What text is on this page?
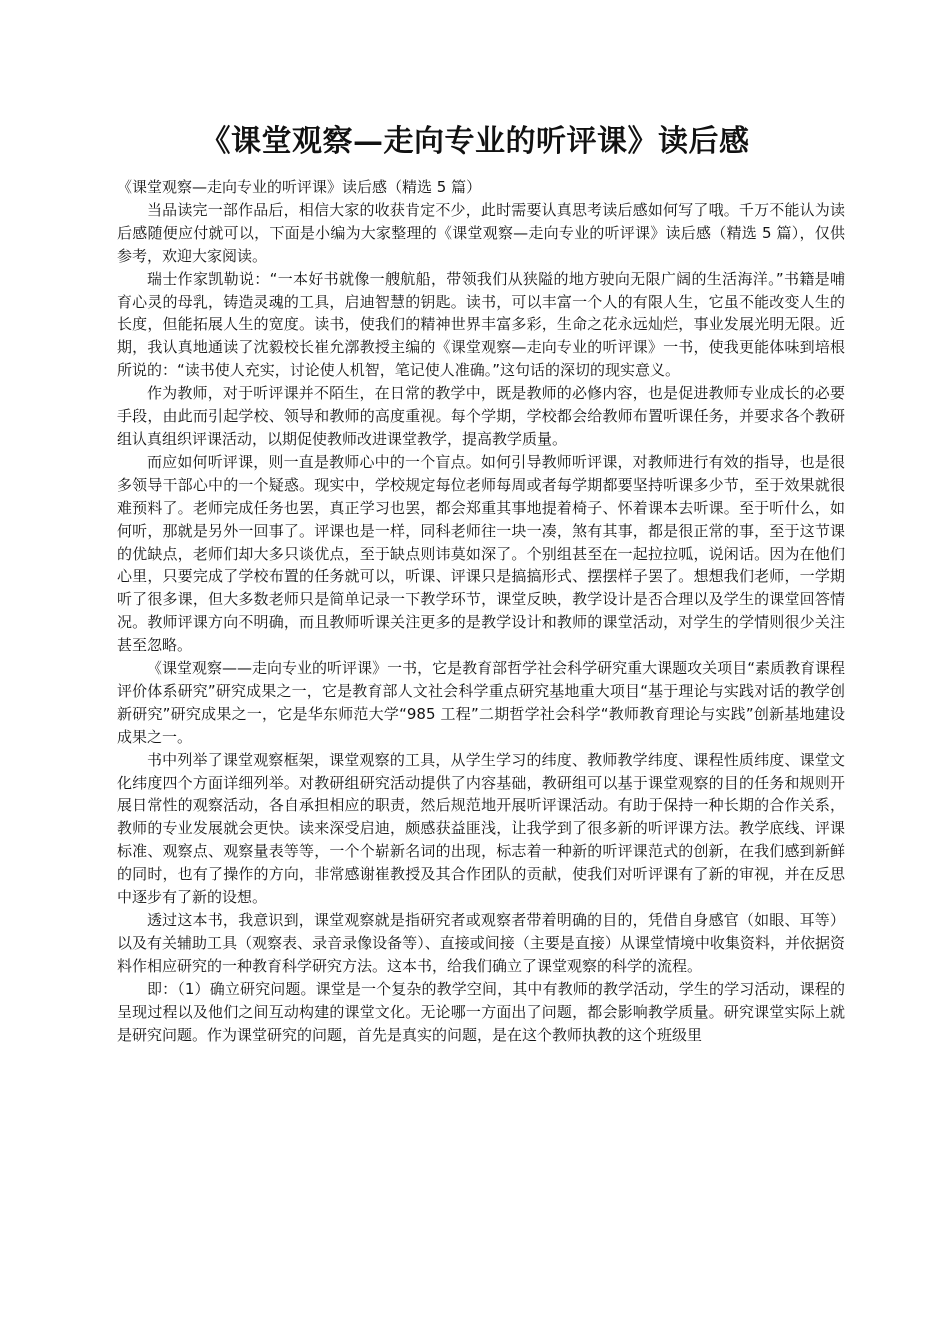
《课堂观察—走向专业的听评课》读后感

《课堂观察—走向专业的听评课》读后感（精选 5 篇）

当品读完一部作品后，相信大家的收获肯定不少，此时需要认真思考读后感如何写了哦。千万不能认为读后感随便应付就可以，下面是小编为大家整理的《课堂观察—走向专业的听评课》读后感（精选 5 篇），仅供参考，欢迎大家阅读。

瑞士作家凯勒说：“一本好书就像一艘航船，带领我们从狭隘的地方驶向无限广阔的生活海洋。”书籍是哺育心灵的母乳，铸造灵魂的工具，启迪智慧的钥匙。读书，可以丰富一个人的有限人生，它虽不能改变人生的长度，但能拓展人生的宽度。读书，使我们的精神世界丰富多彩，生命之花永远灿烂，事业发展光明无限。近期，我认真地通读了沈毅校长崔允漷教授主编的《课堂观察—走向专业的听评课》一书，使我更能体味到培根所说的：“读书使人充实，讨论使人机智，笔记使人准确。”这句话的深切的现实意义。

作为教师，对于听评课并不陌生，在日常的教学中，既是教师的必修内容，也是促进教师专业成长的必要手段，由此而引起学校、领导和教师的高度重视。每个学期，学校都会给教师布置听课任务，并要求各个教研组认真组织评课活动，以期促使教师改进课堂教学，提高教学质量。

而应如何听评课，则一直是教师心中的一个盲点。如何引导教师听评课，对教师进行有效的指导，也是很多领导干部心中的一个疑惑。现实中，学校规定每位老师每周或者每学期都要坚持听课多少节，至于效果就很难预料了。老师完成任务也罢，真正学习也罢，都会郑重其事地提着椅子、怀着课本去听课。至于听什么，如何听，那就是另外一回事了。评课也是一样，同科老师往一块一凑，煞有其事，都是很正常的事，至于这节课的优缺点，老师们却大多只谈优点，至于缺点则讳莫如深了。个别组甚至在一起拉拉呱，说闲话。因为在他们心里，只要完成了学校布置的任务就可以，听课、评课只是搞搞形式、摆摆样子罢了。想想我们老师，一学期听了很多课，但大多数老师只是简单记录一下教学环节，课堂反映，教学设计是否合理以及学生的课堂回答情况。教师评课方向不明确，而且教师听课关注更多的是教学设计和教师的课堂活动，对学生的学情则很少关注甚至忽略。

《课堂观察——走向专业的听评课》一书，它是教育部哲学社会科学研究重大课题攻关项目“素质教育课程评价体系研究”研究成果之一，它是教育部人文社会科学重点研究基地重大项目“基于理论与实践对话的教学创新研究”研究成果之一，它是华东师范大学“985 工程”二期哲学社会科学“教师教育理论与实践”创新基地建设成果之一。

书中列举了课堂观察框架，课堂观察的工具，从学生学习的纬度、教师教学纬度、课程性质纬度、课堂文化纬度四个方面详细列举。对教研组研究活动提供了内容基础，教研组可以基于课堂观察的目的任务和规则开展日常性的观察活动，各自承担相应的职责，然后规范地开展听评课活动。有助于保持一种长期的合作关系，教师的专业发展就会更快。读来深受启迪，颇感获益匪浅，让我学到了很多新的听评课方法。教学底线、评课标准、观察点、观察量表等等，一个个崭新名词的出现，标志着一种新的听评课范式的创新，在我们感到新鲜的同时，也有了操作的方向，非常感谢崔教授及其合作团队的贡献，使我们对听评课有了新的审视，并在反思中逐步有了新的设想。

透过这本书，我意识到，课堂观察就是指研究者或观察者带着明确的目的，凭借自身感官（如眼、耳等）以及有关辅助工具（观察表、录音录像设备等）、直接或间接（主要是直接）从课堂情境中收集资料，并依据资料作相应研究的一种教育科学研究方法。这本书，给我们确立了课堂观察的科学的流程。

即：（1）确立研究问题。课堂是一个复杂的教学空间，其中有教师的教学活动，学生的学习活动，课程的呈现过程以及他们之间互动构建的课堂文化。无论哪一方面出了问题，都会影响教学质量。研究课堂实际上就是研究问题。作为课堂研究的问题，首先是真实的问题，是在这个教师执教的这个班级里
